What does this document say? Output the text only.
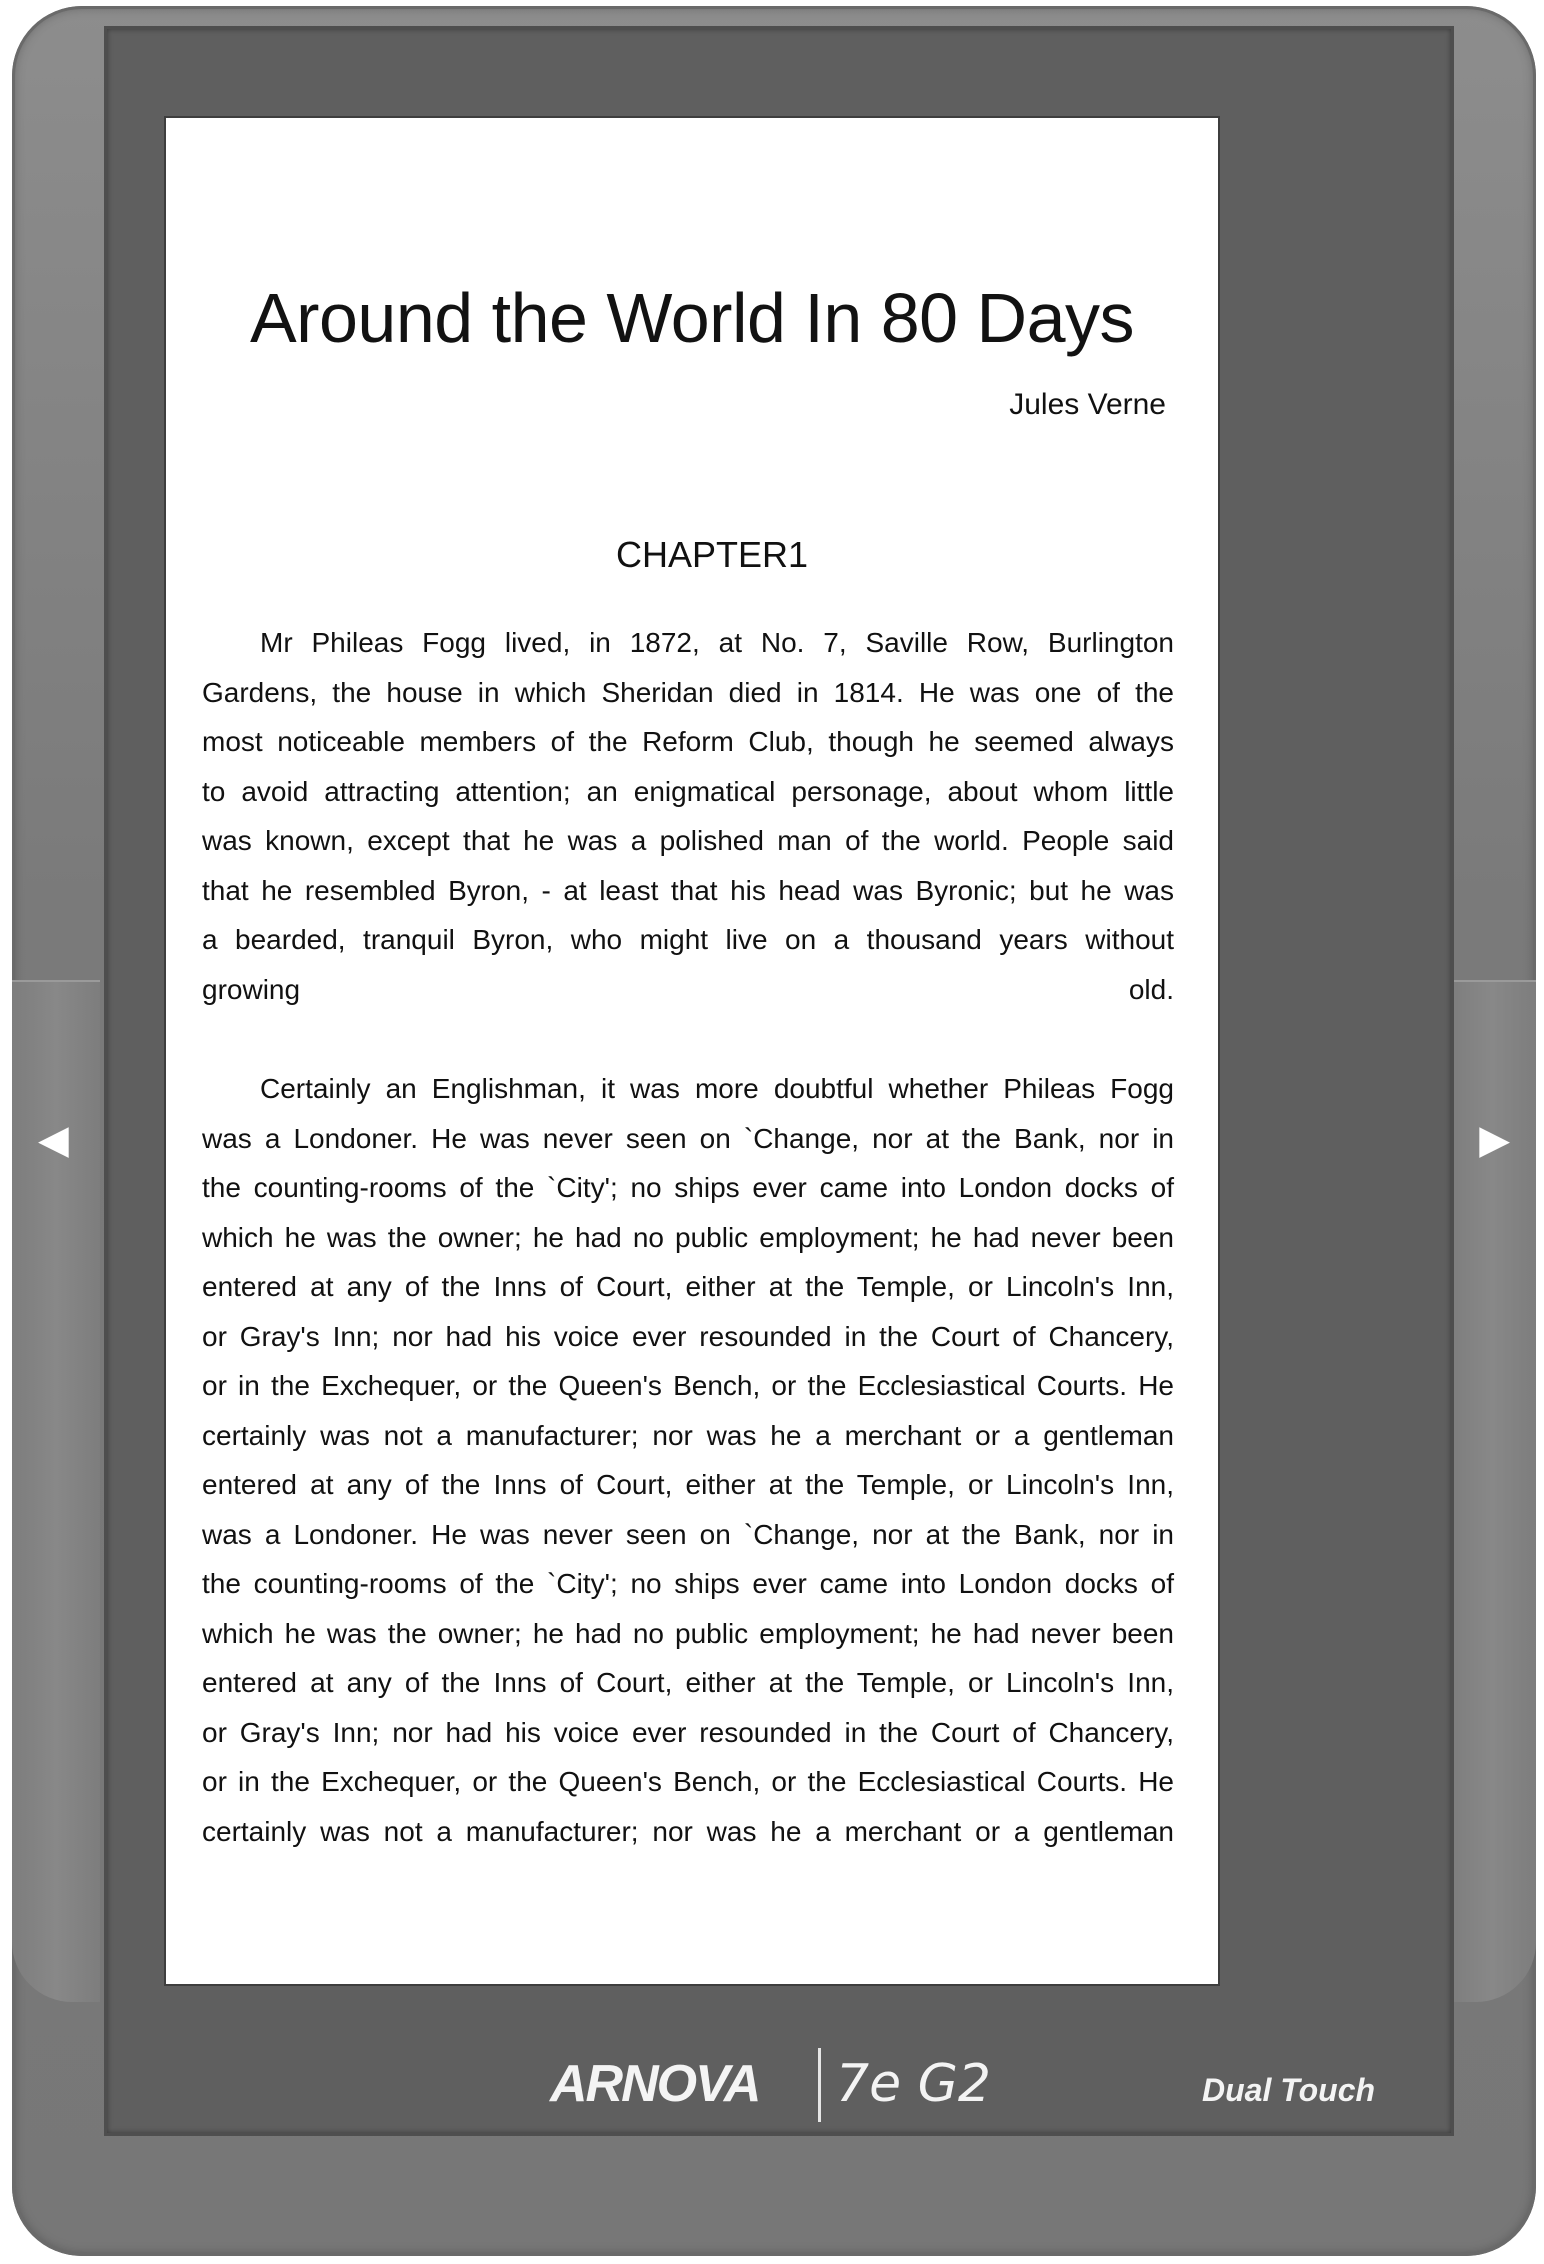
◀	▶
Around the World In 80 Days
Jules Verne
CHAPTER1
Mr Phileas Fogg lived, in 1872, at No. 7, Saville Row, Burlington
Gardens, the house in which Sheridan died in 1814. He was one of the
most noticeable members of the Reform Club, though he seemed always
to avoid attracting attention; an enigmatical personage, about whom little
was known, except that he was a polished man of the world. People said
that he resembled Byron, - at least that his head was Byronic; but he was
a bearded, tranquil Byron, who might live on a thousand years without
growing old.
Certainly an Englishman, it was more doubtful whether Phileas Fogg
was a Londoner. He was never seen on `Change, nor at the Bank, nor in
the counting-rooms of the `City'; no ships ever came into London docks of
which he was the owner; he had no public employment; he had never been
entered at any of the Inns of Court, either at the Temple, or Lincoln's Inn,
or Gray's Inn; nor had his voice ever resounded in the Court of Chancery,
or in the Exchequer, or the Queen's Bench, or the Ecclesiastical Courts. He
certainly was not a manufacturer; nor was he a merchant or a gentleman
entered at any of the Inns of Court, either at the Temple, or Lincoln's Inn,
was a Londoner. He was never seen on `Change, nor at the Bank, nor in
the counting-rooms of the `City'; no ships ever came into London docks of
which he was the owner; he had no public employment; he had never been
entered at any of the Inns of Court, either at the Temple, or Lincoln's Inn,
or Gray's Inn; nor had his voice ever resounded in the Court of Chancery,
or in the Exchequer, or the Queen's Bench, or the Ecclesiastical Courts. He
certainly was not a manufacturer; nor was he a merchant or a gentleman
ARNOVA 7e G2	Dual Touch
